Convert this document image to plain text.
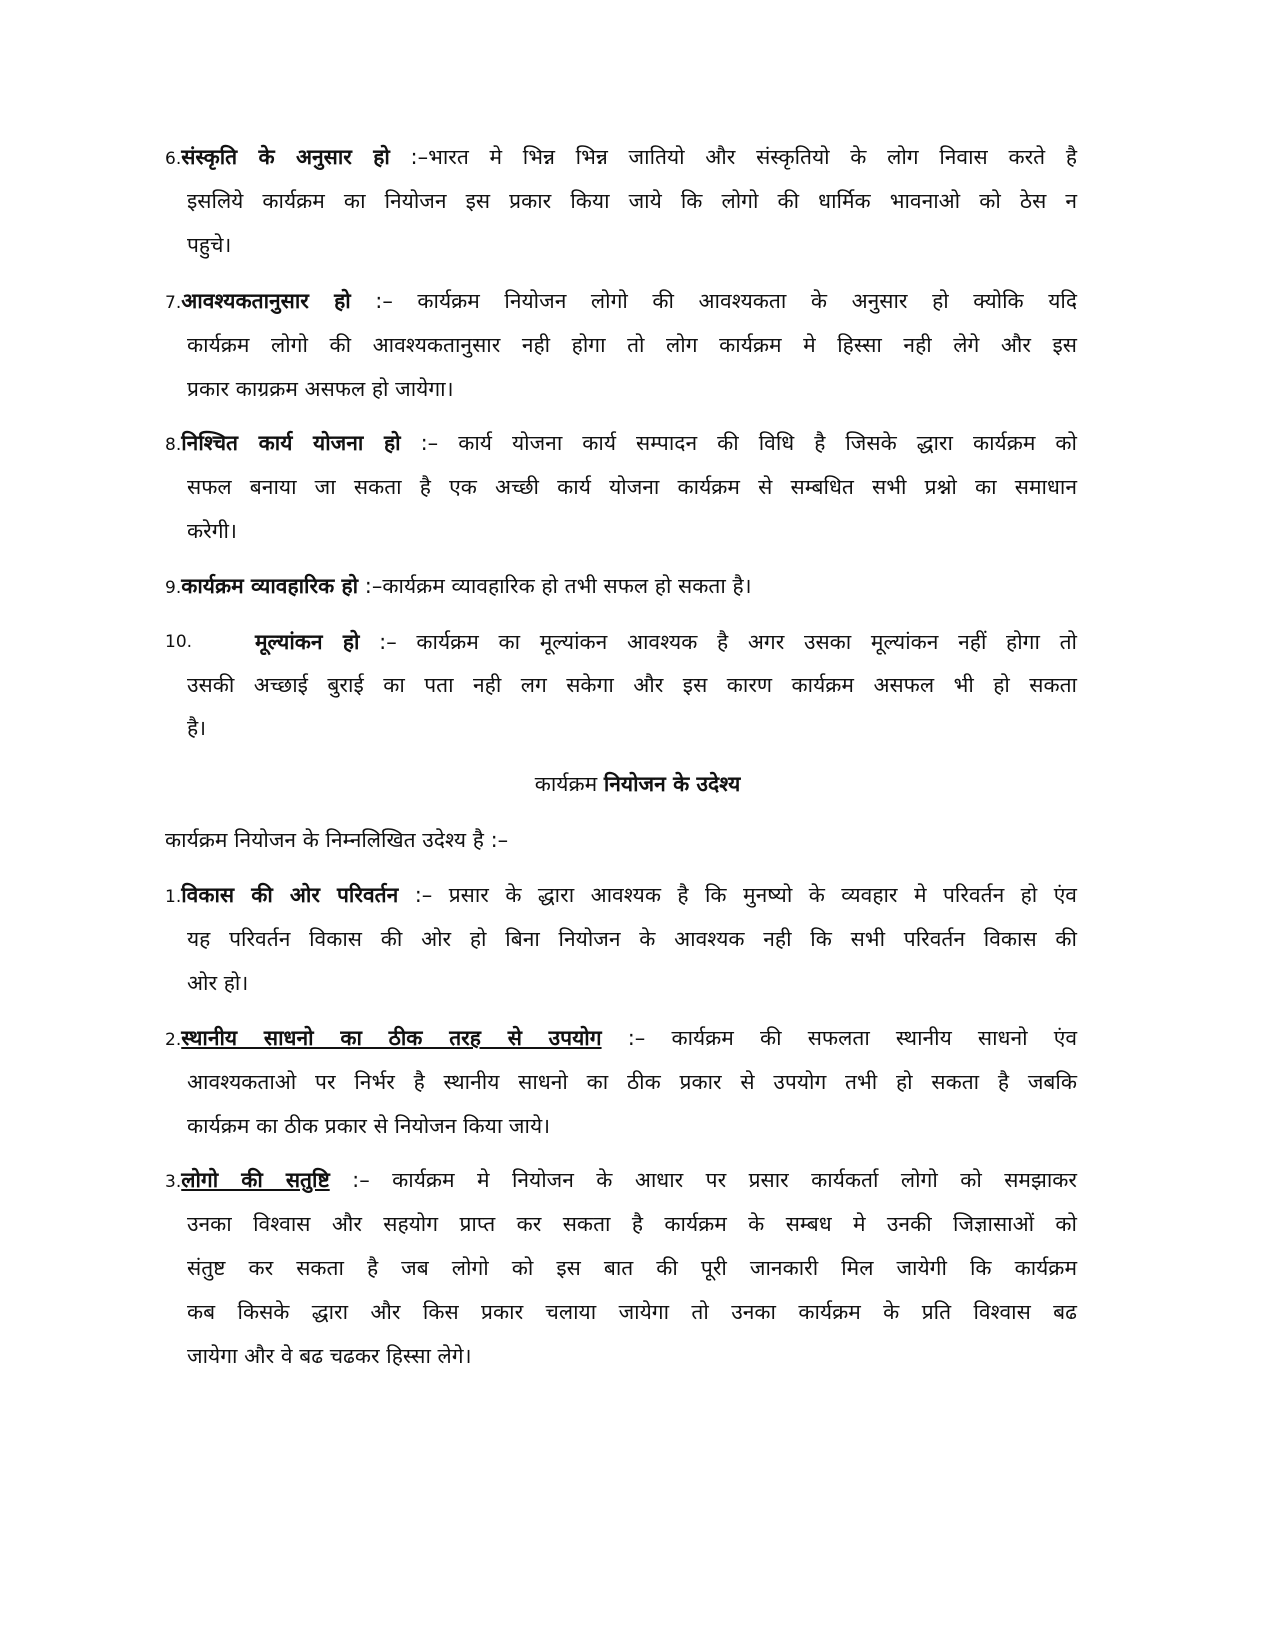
6.संस्कृति के अनुसार हो :–भारत मे भिन्न भिन्न जातियो और संस्कृतियो के लोग निवास करते है
इसलिये कार्यक्रम का नियोजन इस प्रकार किया जाये कि लोगो की धार्मिक भावनाओ को ठेस न
पहुचे।
7.आवश्यकतानुसार हो :– कार्यक्रम नियोजन लोगो की आवश्यकता के अनुसार हो क्योकि यदि
कार्यक्रम लोगो की आवश्यकतानुसार नही होगा तो लोग कार्यक्रम मे हिस्सा नही लेगे और इस
प्रकार काग्रक्रम असफल हो जायेगा।
8.निश्चित कार्य योजना हो :– कार्य योजना कार्य सम्पादन की विधि है जिसके द्धारा कार्यक्रम को
सफल बनाया जा सकता है एक अच्छी कार्य योजना कार्यक्रम से सम्बधित सभी प्रश्नो का समाधान
करेगी।
9.कार्यक्रम व्यावहारिक हो :–कार्यक्रम व्यावहारिक हो तभी सफल हो सकता है।
10.	मूल्यांकन हो :– कार्यक्रम का मूल्यांकन आवश्यक है अगर उसका मूल्यांकन नहीं होगा तो
उसकी अच्छाई बुराई का पता नही लग सकेगा और इस कारण कार्यक्रम असफल भी हो सकता
है।
कार्यक्रम नियोजन के उदेश्य
कार्यक्रम नियोजन के निम्नलिखित उदेश्य है :–
1.विकास की ओर परिवर्तन :– प्रसार के द्धारा आवश्यक है कि मुनष्यो के व्यवहार मे परिवर्तन हो एंव
यह परिवर्तन विकास की ओर हो बिना नियोजन के आवश्यक नही कि सभी परिवर्तन विकास की
ओर हो।
2.स्थानीय साधनो का ठीक तरह से उपयोग :– कार्यक्रम की सफलता स्थानीय साधनो एंव
आवश्यकताओ पर निर्भर है स्थानीय साधनो का ठीक प्रकार से उपयोग तभी हो सकता है जबकि
कार्यक्रम का ठीक प्रकार से नियोजन किया जाये।
3.लोगो की सतुष्टि :– कार्यक्रम मे नियोजन के आधार पर प्रसार कार्यकर्ता लोगो को समझाकर
उनका विश्वास और सहयोग प्राप्त कर सकता है कार्यक्रम के सम्बध मे उनकी जिज्ञासाओं को
संतुष्ट कर सकता है जब लोगो को इस बात की पूरी जानकारी मिल जायेगी कि कार्यक्रम
कब किसके द्धारा और किस प्रकार चलाया जायेगा तो उनका कार्यक्रम के प्रति विश्वास बढ
जायेगा और वे बढ चढकर हिस्सा लेगे।
